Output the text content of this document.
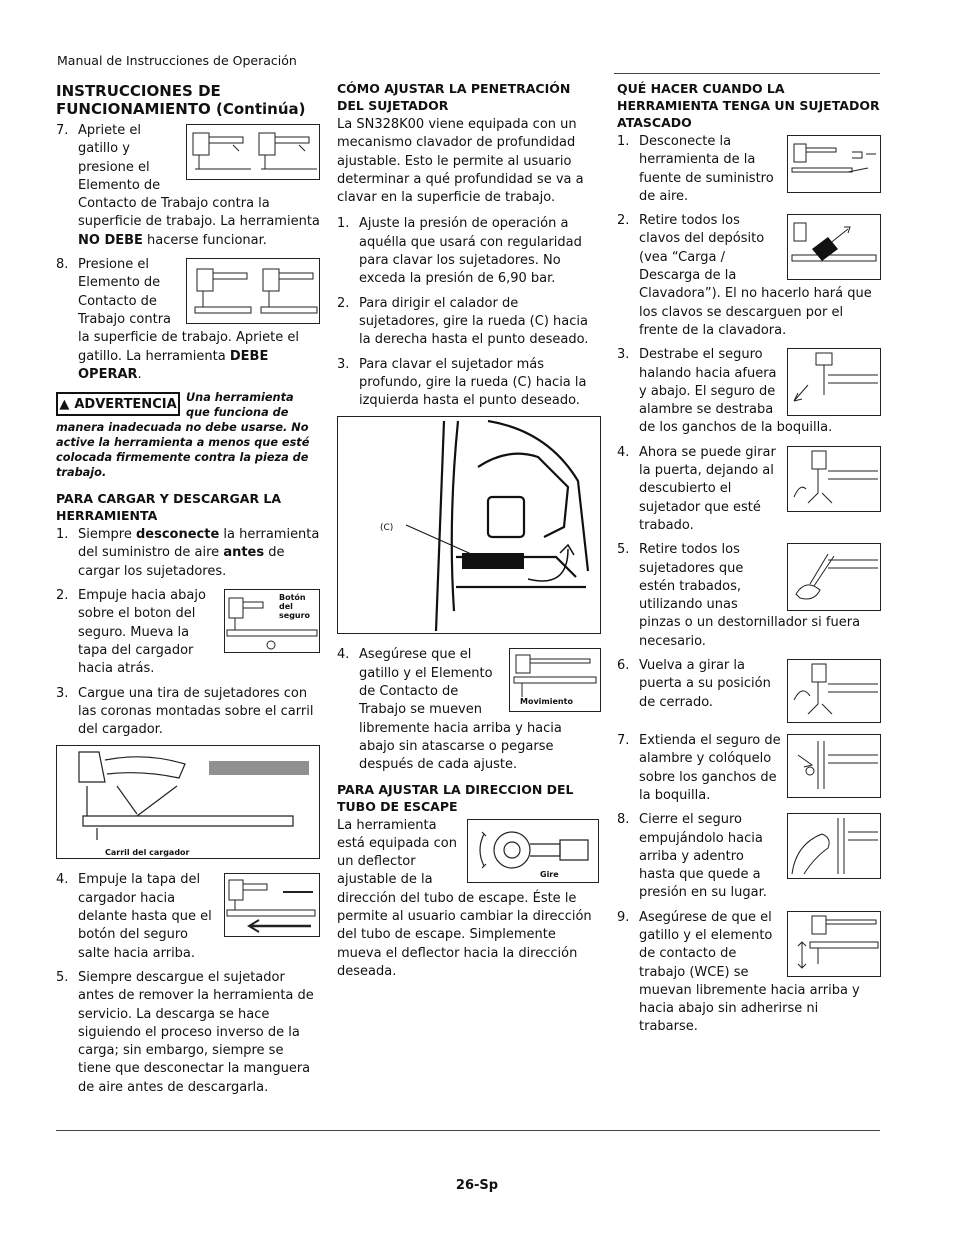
Manual de Instrucciones de Operación
INSTRUCCIONES DE FUNCIONAMIENTO (Continúa)
7. Apriete el gatillo y presione el Elemento de Contacto de Trabajo contra la superficie de trabajo. La herramienta NO DEBE hacerse funcionar.
8. Presione el Elemento de Contacto de Trabajo contra la superficie de trabajo. Apriete el gatillo. La herramienta DEBE OPERAR.
▲ ADVERTENCIA Una herramienta que funciona de manera inadecuada no debe usarse. No active la herramienta a menos que esté colocada firmemente contra la pieza de trabajo.
PARA CARGAR Y DESCARGAR LA HERRAMIENTA
1. Siempre desconecte la herramienta del suministro de aire antes de cargar los sujetadores.
2.	Botón del seguro
Empuje hacia abajo sobre el boton del seguro. Mueva la tapa del cargador hacia atrás.
3. Cargue una tira de sujetadores con las coronas montadas sobre el carril del cargador.
Carril del cargador
4. Empuje la tapa del cargador hacia delante hasta que el botón del seguro salte hacia arriba.
5. Siempre descargue el sujetador antes de remover la herramienta de servicio. La descarga se hace siguiendo el proceso inverso de la carga; sin embargo, siempre se tiene que desconectar la manguera de aire antes de descargarla.
CÓMO AJUSTAR LA PENETRACIÓN DEL SUJETADOR
La SN328K00 viene equipada con un mecanismo clavador de profundidad ajustable. Esto le permite al usuario determinar a qué profundidad se va a clavar en la superficie de trabajo.
1. Ajuste la presión de operación a aquélla que usará con regularidad para clavar los sujetadores. No exceda la presión de 6,90 bar.
2. Para dirigir el calador de sujetadores, gire la rueda (C) hacia la derecha hasta el punto deseado.
3. Para clavar el sujetador más profundo, gire la rueda (C) hacia la izquierda hasta el punto deseado.
(C)
4.
Movimiento
Asegúrese que el gatillo y el Elemento de Contacto de Trabajo se mueven libremente hacia arriba y hacia abajo sin atascarse o pegarse después de cada ajuste.
PARA AJUSTAR LA DIRECCION DEL TUBO DE ESCAPE
Gire
La herramienta está equipada con un deflector ajustable de la dirección del tubo de escape. Éste le permite al usuario cambiar la dirección del tubo de escape. Simplemente mueva el deflector hacia la dirección deseada.
QUÉ HACER CUANDO LA HERRAMIENTA TENGA UN SUJETADOR ATASCADO
1. Desconecte la herramienta de la fuente de suministro de aire.
2. Retire todos los clavos del depósito (vea “Carga / Descarga de la Clavadora”). El no hacerlo hará que los clavos se descarguen por el frente de la clavadora.
3. Destrabe el seguro halando hacia afuera y abajo. El seguro de alambre se destraba de los ganchos de la boquilla.
4. Ahora se puede girar la puerta, dejando al descubierto el sujetador que esté trabado.
5. Retire todos los sujetadores que estén trabados, utilizando unas pinzas o un destornillador si fuera necesario.
6. Vuelva a girar la puerta a su posición de cerrado.
7. Extienda el seguro de alambre y colóquelo sobre los ganchos de la boquilla.
8. Cierre el seguro empujándolo hacia arriba y adentro hasta que quede a presión en su lugar.
9. Asegúrese de que el gatillo y el elemento de contacto de trabajo (WCE) se muevan libremente hacia arriba y hacia abajo sin adherirse ni trabarse.
26-Sp
